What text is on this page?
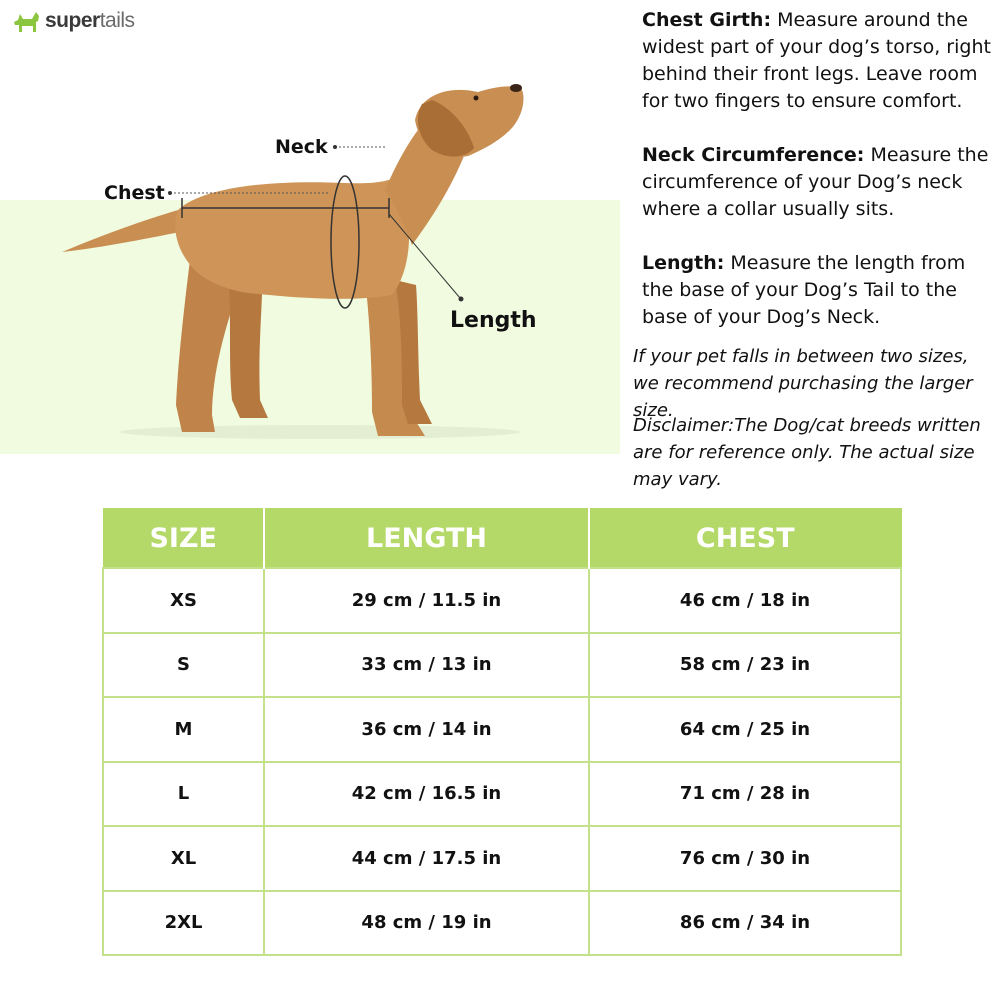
supertails
Neck
Chest
Length

Chest Girth: Measure around the widest part of your dog’s torso, right behind their front legs. Leave room for two fingers to ensure comfort.

Neck Circumference: Measure the circumference of your Dog’s neck where a collar usually sits.

Length: Measure the length from the base of your Dog’s Tail to the base of your Dog’s Neck.

If your pet falls in between two sizes, we recommend purchasing the larger size.

Disclaimer:The Dog/cat breeds written are for reference only. The actual size may vary.

SIZE	LENGTH	CHEST
XS	29 cm / 11.5 in	46 cm / 18 in
S	33 cm / 13 in	58 cm / 23 in
M	36 cm / 14 in	64 cm / 25 in
L	42 cm / 16.5 in	71 cm / 28 in
XL	44 cm / 17.5 in	76 cm / 30 in
2XL	48 cm / 19 in	86 cm / 34 in
